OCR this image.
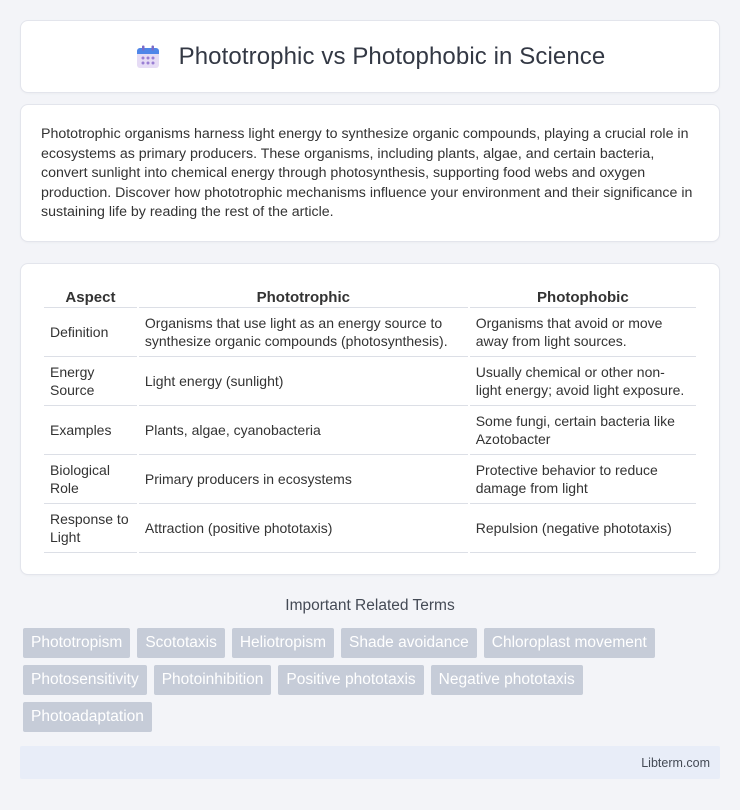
Phototrophic vs Photophobic in Science

Phototrophic organisms harness light energy to synthesize organic compounds, playing a crucial role in ecosystems as primary producers. These organisms, including plants, algae, and certain bacteria, convert sunlight into chemical energy through photosynthesis, supporting food webs and oxygen production. Discover how phototrophic mechanisms influence your environment and their significance in sustaining life by reading the rest of the article.

Aspect	Phototrophic	Photophobic
Definition	Organisms that use light as an energy source to synthesize organic compounds (photosynthesis).	Organisms that avoid or move away from light sources.
Energy Source	Light energy (sunlight)	Usually chemical or other non-light energy; avoid light exposure.
Examples	Plants, algae, cyanobacteria	Some fungi, certain bacteria like Azotobacter
Biological Role	Primary producers in ecosystems	Protective behavior to reduce damage from light
Response to Light	Attraction (positive phototaxis)	Repulsion (negative phototaxis)
Important Related Terms
Phototropism	Scototaxis	Heliotropism	Shade avoidance	Chloroplast movement
Photosensitivity	Photoinhibition	Positive phototaxis	Negative phototaxis
Photoadaptation
Libterm.com
